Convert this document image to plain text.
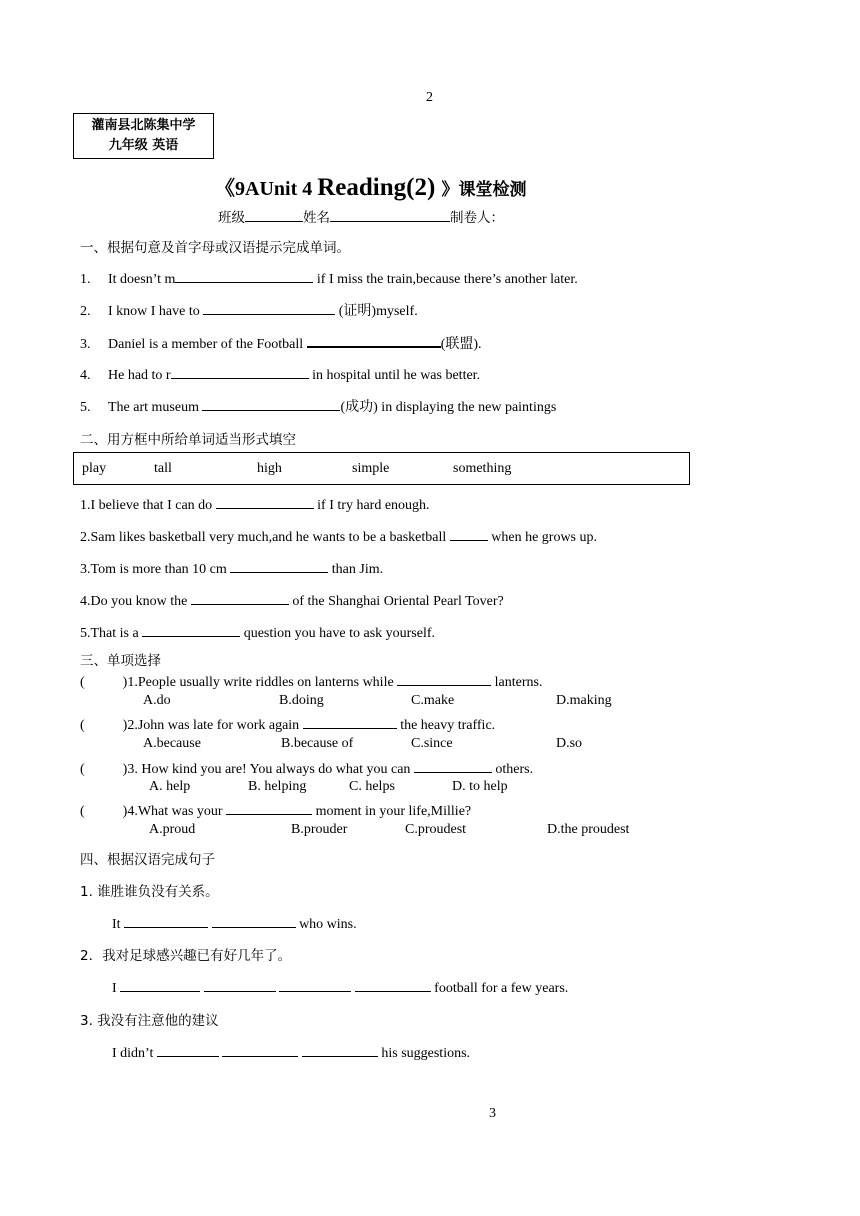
2
灌南县北陈集中学
九年级 英语
《9AUnit 4 Reading(2) 》课堂检测
班级	姓名	制卷人：
一、根据句意及首字母或汉语提示完成单词。
1. It doesn’t m	if I miss the train,because there’s another later.
2. I know I have to	(证明)myself.
3. Daniel is a member of the Football	(联盟).
4. He had to r	in hospital until he was better.
5. The art museum	(成功) in displaying the new paintings
二、用方框中所给单词适当形式填空
play	tall	high	simple	something
1.I believe that I can do	if I try hard enough.
2.Sam likes basketball very much,and he wants to be a basketball	when he grows up.
3.Tom is more than 10 cm	than Jim.
4.Do you know the	of the Shanghai Oriental Pearl Tover?
5.That is a	question you have to ask yourself.
三、单项选择
(	)1.People usually write riddles on lanterns while	lanterns.
A.do	B.doing	C.make	D.making
(	)2.John was late for work again	the heavy traffic.
A.because	B.because of	C.since	D.so
(	)3. How kind you are! You always do what you can	others.
A. help	B. helping	C. helps	D. to help
(	)4.What was your	moment in your life,Millie?
A.proud	B.prouder	C.proudest	D.the proudest
四、根据汉语完成句子
1. 谁胜谁负没有关系。
It	who wins.
2．我对足球感兴趣已有好几年了。
I	football for a few years.
3. 我没有注意他的建议
I didn’t	his suggestions.
3
